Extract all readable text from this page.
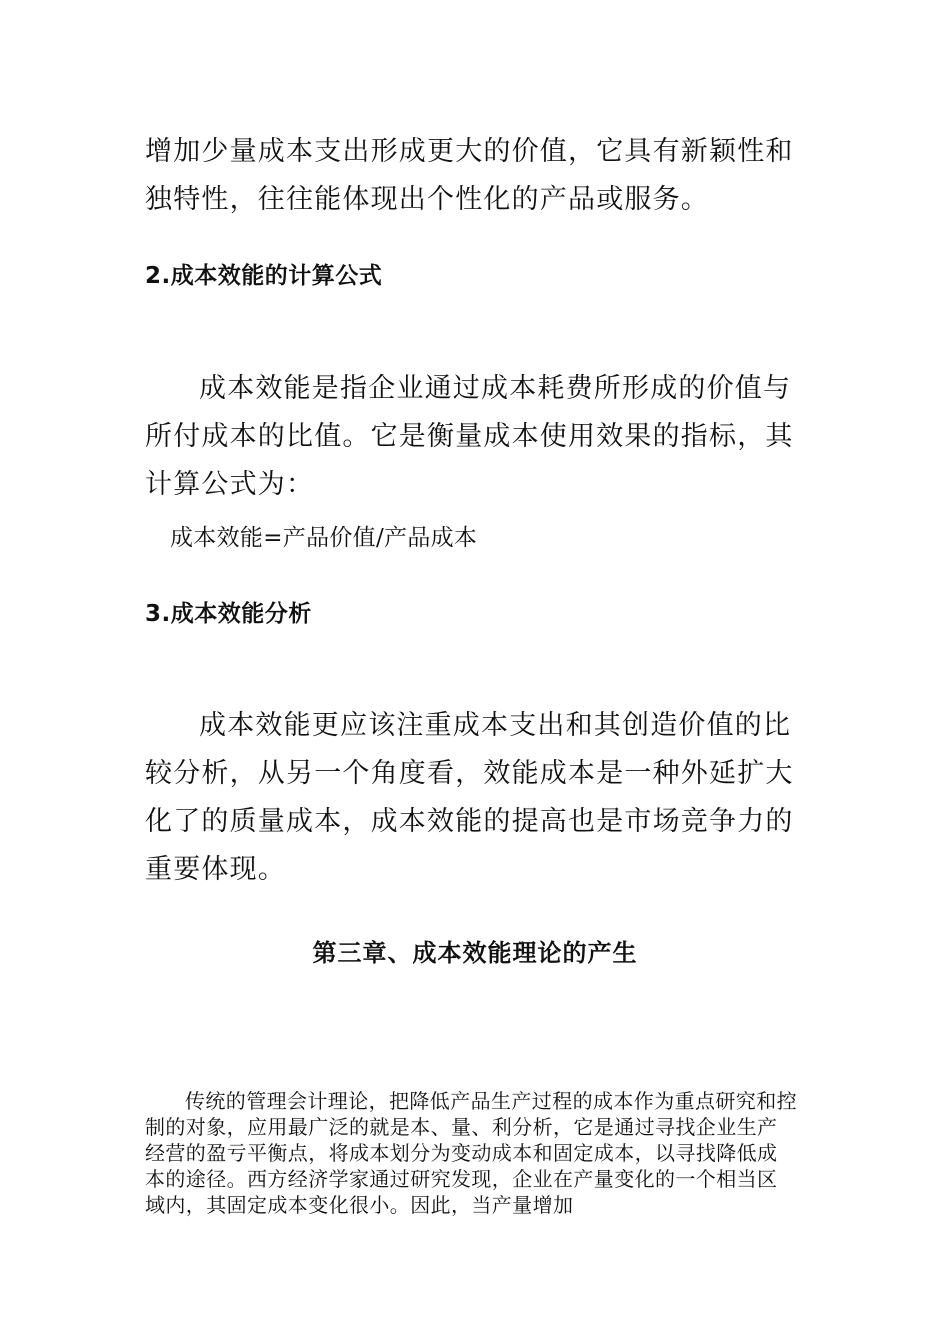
增加少量成本支出形成更大的价值，它具有新颖性和独特性，往往能体现出个性化的产品或服务。

2.成本效能的计算公式

成本效能是指企业通过成本耗费所形成的价值与所付成本的比值。它是衡量成本使用效果的指标，其计算公式为：

成本效能=产品价值/产品成本
3.成本效能分析

成本效能更应该注重成本支出和其创造价值的比较分析，从另一个角度看，效能成本是一种外延扩大化了的质量成本，成本效能的提高也是市场竞争力的重要体现。

第三章、成本效能理论的产生

传统的管理会计理论，把降低产品生产过程的成本作为重点研究和控制的对象，应用最广泛的就是本、量、利分析，它是通过寻找企业生产经营的盈亏平衡点，将成本划分为变动成本和固定成本，以寻找降低成本的途径。西方经济学家通过研究发现，企业在产量变化的一个相当区域内，其固定成本变化很小。因此，当产量增加
